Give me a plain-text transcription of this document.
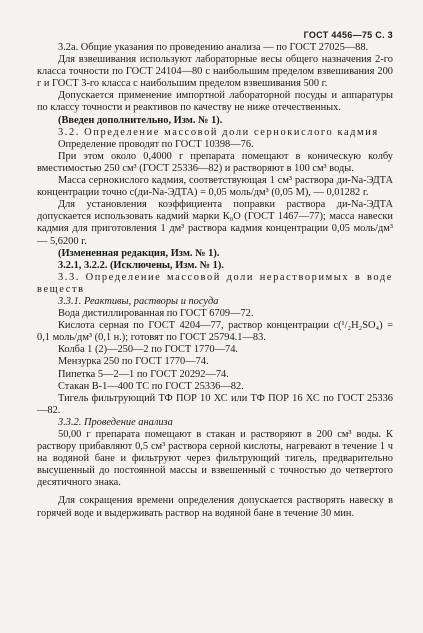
ГОСТ 4456—75 С. 3

3.2а. Общие указания по проведению анализа — по ГОСТ 27025—88.

Для взвешивания используют лабораторные весы общего назначения 2-го класса точности по ГОСТ 24104—80 с наибольшим пределом взвешивания 200 г и ГОСТ 3-го класса с наибольшим пределом взвешивания 500 г.

Допускается применение импортной лабораторной посуды и аппаратуры по классу точности и реактивов по качеству не ниже отечественных.

(Введен дополнительно, Изм. № 1).

3.2. Определение массовой доли сернокислого кадмия

Определение проводят по ГОСТ 10398—76.

При этом около 0,4000 г препарата помещают в коническую колбу вместимостью 250 см³ (ГОСТ 25336—82) и растворяют в 100 см³ воды.

Масса сернокислого кадмия, соответствующая 1 см³ раствора ди-Na-ЭДТА концентрации точно с(ди-Na-ЭДТА) = 0,05 моль/дм³ (0,05 М), — 0,01282 г.

Для установления коэффициента поправки раствора ди-Na-ЭДТА допускается использовать кадмий марки К₀О (ГОСТ 1467—77); масса навески кадмия для приготовления 1 дм³ раствора кадмия концентрации 0,05 моль/дм³ — 5,6200 г.

(Измененная редакция, Изм. № 1).

3.2.1, 3.2.2. (Исключены, Изм. № 1).

3.3. Определение массовой доли нерастворимых в воде веществ

3.3.1. Реактивы, растворы и посуда

Вода дистиллированная по ГОСТ 6709—72.

Кислота серная по ГОСТ 4204—77, раствор концентрации с(¹/₂H₂SO₄) = 0,1 моль/дм³ (0,1 н.); готовят по ГОСТ 25794.1—83.

Колба 1 (2)—250—2 по ГОСТ 1770—74.

Мензурка 250 по ГОСТ 1770—74.

Пипетка 5—2—1 по ГОСТ 20292—74.

Стакан В-1—400 ТС по ГОСТ 25336—82.

Тигель фильтрующий ТФ ПОР 10 ХС или ТФ ПОР 16 ХС по ГОСТ 25336—82.

3.3.2. Проведение анализа

50,00 г препарата помещают в стакан и растворяют в 200 см³ воды. К раствору прибавляют 0,5 см³ раствора серной кислоты, нагревают в течение 1 ч на водяной бане и фильтруют через фильтрующий тигель, предварительно высушенный до постоянной массы и взвешенный с точностью до четвертого десятичного знака.

Для сокращения времени определения допускается растворять навеску в горячей воде и выдерживать раствор на водяной бане в течение 30 мин.
